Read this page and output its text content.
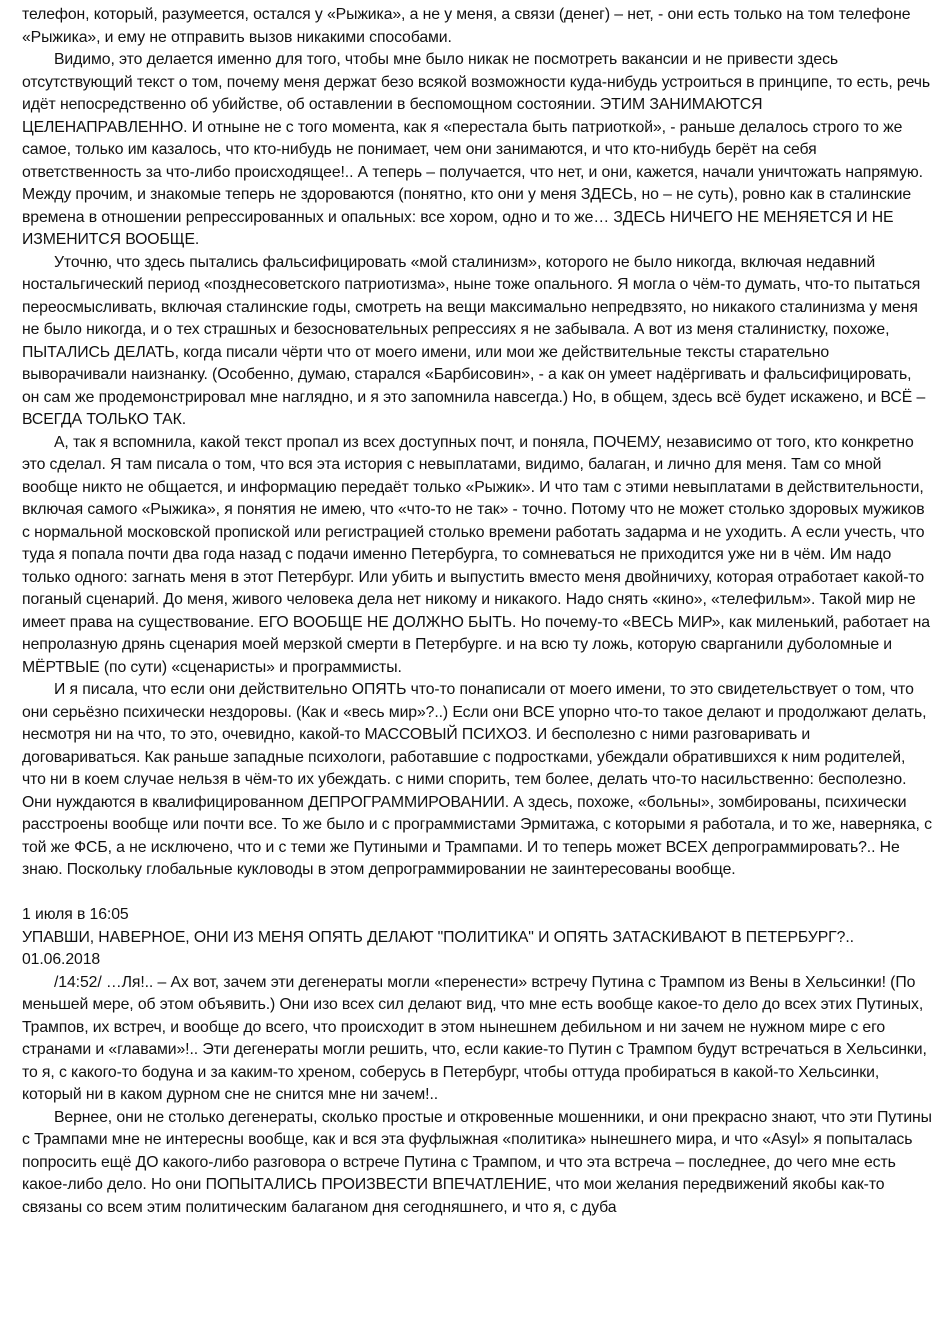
телефон, который, разумеется, остался у «Рыжика», а не у меня, а связи (денег) – нет, - они есть только на том телефоне «Рыжика», и ему не отправить вызов никакими способами.

Видимо, это делается именно для того, чтобы мне было никак не посмотреть вакансии и не привести здесь отсутствующий текст о том, почему меня держат безо всякой возможности куда-нибудь устроиться в принципе, то есть, речь идёт непосредственно об убийстве, об оставлении в беспомощном состоянии. ЭТИМ ЗАНИМАЮТСЯ ЦЕЛЕНАПРАВЛЕННО. И отныне не с того момента, как я «перестала быть патриоткой», - раньше делалось строго то же самое, только им казалось, что кто-нибудь не понимает, чем они занимаются, и что кто-нибудь берёт на себя ответственность за что-либо происходящее!.. А теперь – получается, что нет, и они, кажется, начали уничтожать напрямую. Между прочим, и знакомые теперь не здороваются (понятно, кто они у меня ЗДЕСЬ, но – не суть), ровно как в сталинские времена в отношении репрессированных и опальных: все хором, одно и то же… ЗДЕСЬ НИЧЕГО НЕ МЕНЯЕТСЯ И НЕ ИЗМЕНИТСЯ ВООБЩЕ.

Уточню, что здесь пытались фальсифицировать «мой сталинизм», которого не было никогда, включая недавний ностальгический период «позднесоветского патриотизма», ныне тоже опального. Я могла о чём-то думать, что-то пытаться переосмысливать, включая сталинские годы, смотреть на вещи максимально непредвзято, но никакого сталинизма у меня не было никогда, и о тех страшных и безосновательных репрессиях я не забывала. А вот из меня сталинистку, похоже, ПЫТАЛИСЬ ДЕЛАТЬ, когда писали чёрти что от моего имени, или мои же действительные тексты старательно выворачивали наизнанку. (Особенно, думаю, старался «Барбисовин», - а как он умеет надёргивать и фальсифицировать, он сам же продемонстрировал мне наглядно, и я это запомнила навсегда.) Но, в общем, здесь всё будет искажено, и ВСЁ – ВСЕГДА ТОЛЬКО ТАК.

А, так я вспомнила, какой текст пропал из всех доступных почт, и поняла, ПОЧЕМУ, независимо от того, кто конкретно это сделал. Я там писала о том, что вся эта история с невыплатами, видимо, балаган, и лично для меня. Там со мной вообще никто не общается, и информацию передаёт только «Рыжик». И что там с этими невыплатами в действительности, включая самого «Рыжика», я понятия не имею, что «что-то не так» - точно. Потому что не может столько здоровых мужиков с нормальной московской пропиской или регистрацией столько времени работать задарма и не уходить. А если учесть, что туда я попала почти два года назад с подачи именно Петербурга, то сомневаться не приходится уже ни в чём. Им надо только одного: загнать меня в этот Петербург. Или убить и выпустить вместо меня двойничиху, которая отработает какой-то поганый сценарий. До меня, живого человека дела нет никому и никакого. Надо снять «кино», «телефильм». Такой мир не имеет права на существование. ЕГО ВООБЩЕ НЕ ДОЛЖНО БЫТЬ. Но почему-то «ВЕСЬ МИР», как миленький, работает на непролазную дрянь сценария моей мерзкой смерти в Петербурге. и на всю ту ложь, которую сварганили дуболомные и МЁРТВЫЕ (по сути) «сценаристы» и программисты.

И я писала, что если они действительно ОПЯТЬ что-то понаписали от моего имени, то это свидетельствует о том, что они серьёзно психически нездоровы. (Как и «весь мир»?..) Если они ВСЕ упорно что-то такое делают и продолжают делать, несмотря ни на что, то это, очевидно, какой-то МАССОВЫЙ ПСИХОЗ. И бесполезно с ними разговаривать и договариваться. Как раньше западные психологи, работавшие с подростками, убеждали обратившихся к ним родителей, что ни в коем случае нельзя в чём-то их убеждать. с ними спорить, тем более, делать что-то насильственно: бесполезно. Они нуждаются в квалифицированном ДЕПРОГРАММИРОВАНИИ. А здесь, похоже, «больны», зомбированы, психически расстроены вообще или почти все. То же было и с программистами Эрмитажа, с которыми я работала, и то же, наверняка, с той же ФСБ, а не исключено, что и с теми же Путиными и Трампами. И то теперь может ВСЕХ депрограммировать?.. Не знаю. Поскольку глобальные кукловоды в этом депрограммировании не заинтересованы вообще.

1 июля в 16:05
УПАВШИ, НАВЕРНОЕ, ОНИ ИЗ МЕНЯ ОПЯТЬ ДЕЛАЮТ "ПОЛИТИКА" И ОПЯТЬ ЗАТАСКИВАЮТ В ПЕТЕРБУРГ?..
01.06.2018

/14:52/ …Ля!.. – Ах вот, зачем эти дегенераты могли «перенести» встречу Путина с Трампом из Вены в Хельсинки! (По меньшей мере, об этом объявить.) Они изо всех сил делают вид, что мне есть вообще какое-то дело до всех этих Путиных, Трампов, их встреч, и вообще до всего, что происходит в этом нынешнем дебильном и ни зачем не нужном мире с его странами и «главами»!.. Эти дегенераты могли решить, что, если какие-то Путин с Трампом будут встречаться в Хельсинки, то я, с какого-то бодуна и за каким-то хреном, соберусь в Петербург, чтобы оттуда пробираться в какой-то Хельсинки, который ни в каком дурном сне не снится мне ни зачем!..

Вернее, они не столько дегенераты, сколько простые и откровенные мошенники, и они прекрасно знают, что эти Путины с Трампами мне не интересны вообще, как и вся эта фуфлыжная «политика» нынешнего мира, и что «Asyl» я попыталась попросить ещё ДО какого-либо разговора о встрече Путина с Трампом, и что эта встреча – последнее, до чего мне есть какое-либо дело. Но они ПОПЫТАЛИСЬ ПРОИЗВЕСТИ ВПЕЧАТЛЕНИЕ, что мои желания передвижений якобы как-то связаны со всем этим политическим балаганом дня сегодняшнего, и что я, с дуба
